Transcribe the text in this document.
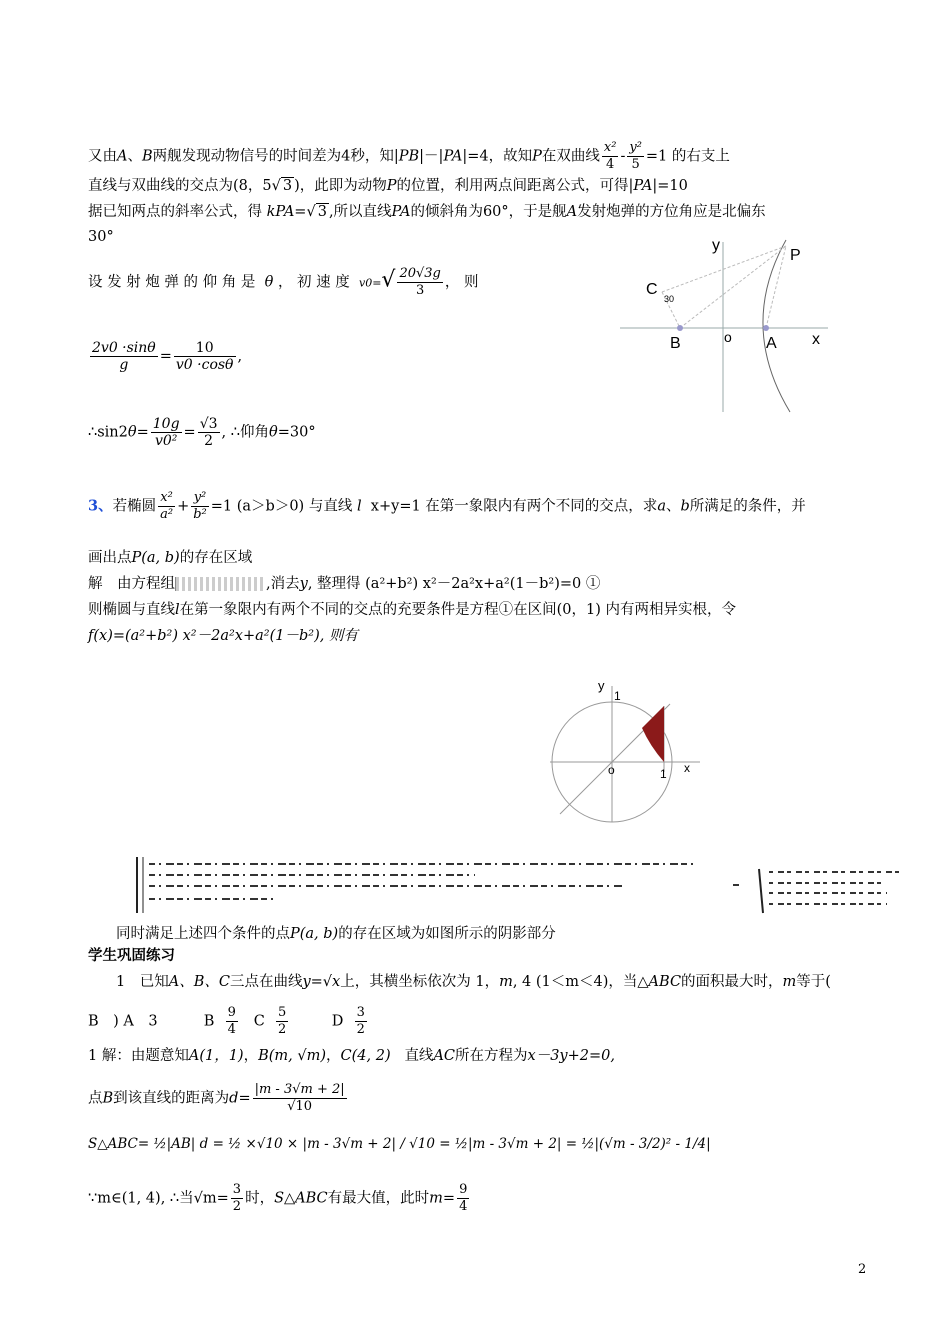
又由A、B两舰发现动物信号的时间差为4秒，知|PB|－|PA|=4，故知P在双曲线 $\frac{\text{x²}}{4} - \frac{\text{y²}}{5} =1$ 的右支上
直线与双曲线的交点为(8，5√ 3 )，此即为动物P的位置，利用两点间距离公式，可得|PA|=10
据已知两点的斜率公式，得 kPA=√ 3 ,所以直线PA的倾斜角为60°，于是舰A发射炮弹的方位角应是北偏东
30°
设 发 射 炮 弹 的 仰 角 是 θ ， 初 速 度 $v0=√ \frac{20√3g}{3}$ ， 则
$\frac{2v0 \cdot\sin\theta}{g} = \frac{10}{v0 \cdot\cos\theta}$ ,
∴sin2θ= $\frac{10g}{\text{v0²}} = \frac{√3}{2}$ , ∴仰角θ=30°
y
P
C
30
B	o A x
3、若椭圆 $\frac{\text{x²}}{\text{a²}} + \frac{\text{y²}}{\text{b²}} =1$ (a＞b＞0) 与直线 l x+y=1 在第一象限内有两个不同的交点，求a、b所满足的条件，并
画出点P(a, b)的存在区域
解　由方程组	,消去y, 整理得 (a²+b²) x²－2a²x+a²(1－b²)=0 ①
则椭圆与直线l在第一象限内有两个不同的交点的充要条件是方程①在区间(0，1) 内有两相异实根，令
f(x)=(a²+b²) x²－2a²x+a²(1－b²), 则有
y
1
o	1 x
同时满足上述四个条件的点P(a, b)的存在区域为如图所示的阴影部分
学生巩固练习
1　已知A、B、C三点在曲线y=√x上，其横坐标依次为 1，m, 4 (1＜m＜4)，当△ABC的面积最大时，m等于(
B　) A　3	B $\frac{9}{4}$ C $\frac{5}{2}$	D $\frac{3}{2}$
1 解：由题意知A(1，1)，B(m, √m)，C(4, 2) 直线AC所在方程为x－3y+2=0,
点B到该直线的距离为$d= \frac{|m - 3√m + 2|}{√10}$
S△ABC= ½|AB| d = ½ ×√10 × |m - 3√m + 2| / √10 = ½|m - 3√m + 2| = ½|(√m - 3/2)² - 1/4|
∵m∈(1, 4), ∴当$√m= \frac{3}{2}$ 时，S△ABC有最大值，此时$m= \frac{9}{4}$
2
